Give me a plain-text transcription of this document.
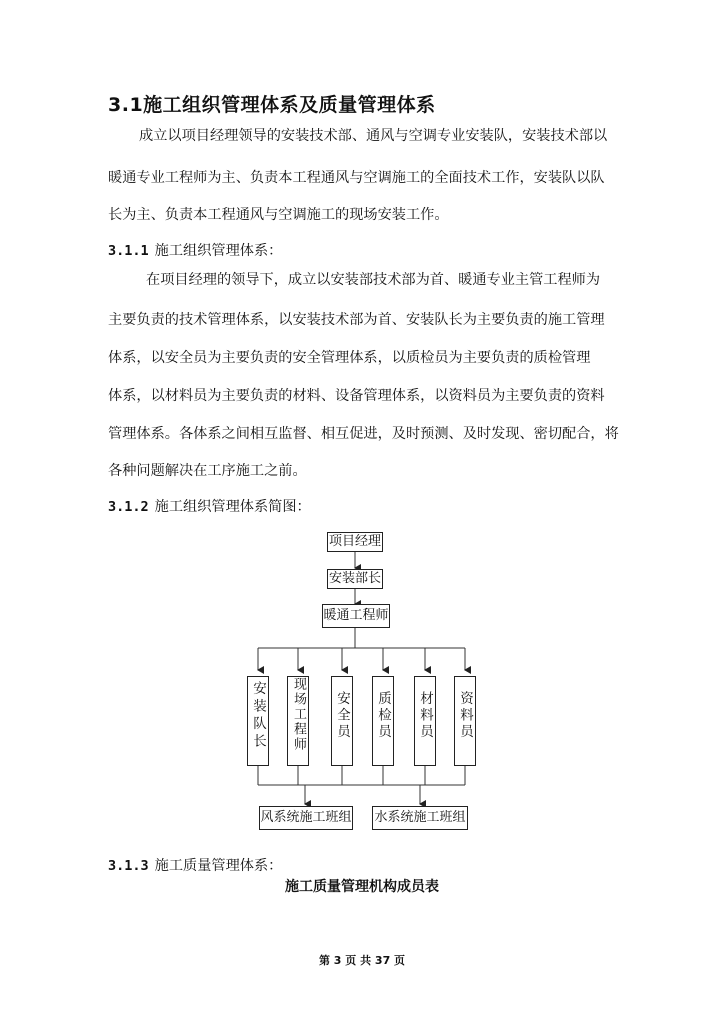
3.1施工组织管理体系及质量管理体系
成立以项目经理领导的安装技术部、通风与空调专业安装队，安装技术部以
暖通专业工程师为主、负责本工程通风与空调施工的全面技术工作，安装队以队
长为主、负责本工程通风与空调施工的现场安装工作。
3.1.1 施工组织管理体系：
在项目经理的领导下，成立以安装部技术部为首、暖通专业主管工程师为
主要负责的技术管理体系，以安装技术部为首、安装队长为主要负责的施工管理
体系，以安全员为主要负责的安全管理体系，以质检员为主要负责的质检管理
体系，以材料员为主要负责的材料、设备管理体系，以资料员为主要负责的资料
管理体系。各体系之间相互监督、相互促进，及时预测、及时发现、密切配合，将
各种问题解决在工序施工之前。
3.1.2 施工组织管理体系简图：
项目经理
安装部长
暖通工程师
安装队长 现场工程师 安全员 质检员 材料员 资料员
风系统施工班组 水系统施工班组
3.1.3 施工质量管理体系：
施工质量管理机构成员表
第 3 页 共 37 页
